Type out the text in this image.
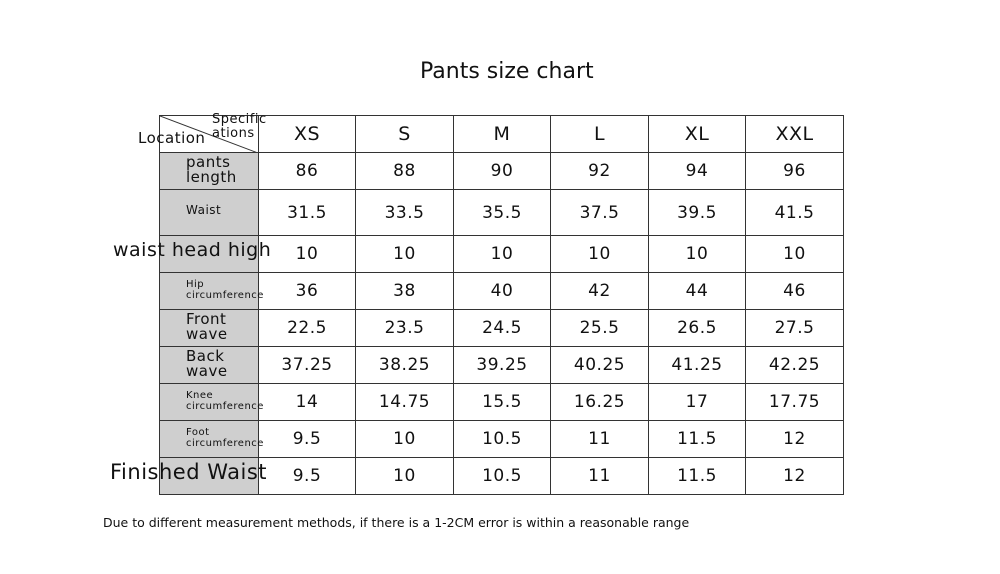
Pants size chart
Specific ations
Location	XS	S	M	L	XL	XXL
pants length	86	88	90	92	94	96
Waist	31.5	33.5	35.5	37.5	39.5	41.5

waist head high	10	10	10	10	10	10
Hip circumference	36	38	40	42	44	46
Front wave	22.5	23.5	24.5	25.5	26.5	27.5
Back wave	37.25	38.25	39.25	40.25	41.25	42.25
Knee circumference	14	14.75	15.5	16.25	17	17.75
Foot circumference	9.5	10	10.5	11	11.5	12

Finished Waist	9.5	10	10.5	11	11.5	12
Due to different measurement methods, if there is a 1-2CM error is within a reasonable range
